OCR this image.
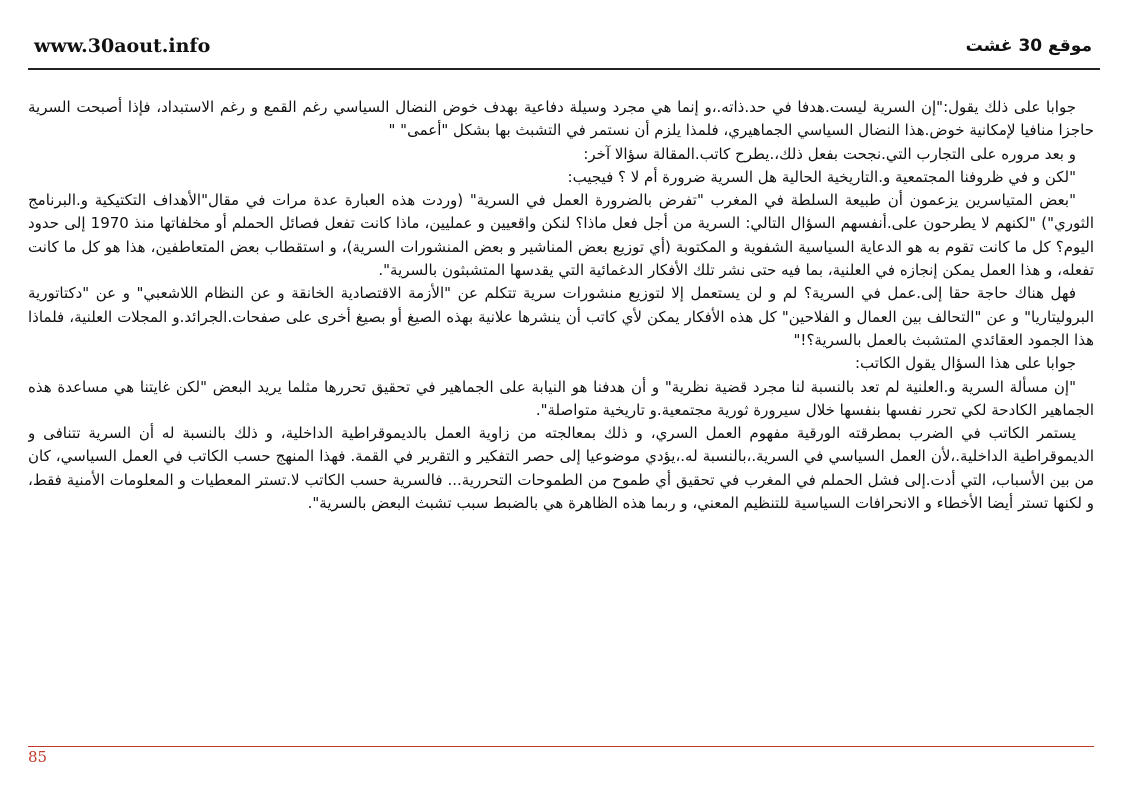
www.30aout.info	موقع 30 غشت

جوابا على ذلك يقول:"إن السرية ليست.هدفا في حد.ذاته.،و إنما هي مجرد وسيلة دفاعية بهدف خوض النضال السياسي رغم القمع و رغم الاستبداد، فإذا أصبحت السرية حاجزا منافيا لإمكانية خوض.هذا النضال السياسي الجماهيري، فلمذا يلزم أن نستمر في التشبث بها بشكل "أعمى" "

و بعد مروره على التجارب التي.نجحت بفعل ذلك،.يطرح كاتب.المقالة سؤالا آخر:

"لكن و في ظروفنا المجتمعية و.التاريخية الحالية هل السرية ضرورة أم لا ؟ فيجيب:

"بعض المتياسرين يزعمون أن طبيعة السلطة في المغرب "تفرض بالضرورة العمل في السرية" (وردت هذه العبارة عدة مرات في مقال"الأهداف التكتيكية و.البرنامج الثوري") "لكنهم لا يطرحون على.أنفسهم السؤال التالي: السرية من أجل فعل ماذا؟ لنكن واقعيين و عمليين، ماذا كانت تفعل فصائل الحملم أو مخلفاتها منذ 1970 إلى حدود اليوم؟ كل ما كانت تقوم به هو الدعاية السياسية الشفوية و المكتوبة (أي توزيع بعض المناشير و بعض المنشورات السرية)، و استقطاب بعض المتعاطفين، هذا هو كل ما كانت تفعله، و هذا العمل يمكن إنجازه في العلنية، بما فيه حتى نشر تلك الأفكار الدغمائية التي يقدسها المتشبثون بالسرية".

فهل هناك حاجة حقا إلى.عمل في السرية؟ لم و لن يستعمل إلا لتوزيع منشورات سرية تتكلم عن "الأزمة الاقتصادية الخانقة و عن النظام اللاشعبي" و عن "دكتاتورية البروليتاريا" و عن "التحالف بين العمال و الفلاحين" كل هذه الأفكار يمكن لأي كاتب أن ينشرها علانية بهذه الصيغ أو بصيغ أخرى على صفحات.الجرائد.و المجلات العلنية، فلماذا هذا الجمود العقائدي المتشبث بالعمل بالسرية؟!"

جوابا على هذا السؤال يقول الكاتب:

"إن مسألة السرية و.العلنية لم تعد بالنسبة لنا مجرد قضية نظرية" و أن هدفنا هو النيابة على الجماهير في تحقيق تحررها مثلما يريد البعض "لكن غايتنا هي مساعدة هذه الجماهير الكادحة لكي تحرر نفسها بنفسها خلال سيرورة ثورية مجتمعية.و تاريخية متواصلة".

يستمر الكاتب في الضرب بمطرقته الورقية مفهوم العمل السري، و ذلك بمعالجته من زاوية العمل بالديموقراطية الداخلية، و ذلك بالنسبة له أن السرية تتنافى و الديموقراطية الداخلية.،لأن العمل السياسي في السرية.،بالنسبة له.،يؤدي موضوعيا إلى حصر التفكير و التقرير في القمة. فهذا المنهج حسب الكاتب في العمل السياسي، كان من بين الأسباب، التي أدت.إلى فشل الحملم في المغرب في تحقيق أي طموح من الطموحات التحررية... فالسرية حسب الكاتب لا.تستر المعطيات و المعلومات الأمنية فقط، و لكنها تستر أيضا الأخطاء و الانحرافات السياسية للتنظيم المعني، و ربما هذه الظاهرة هي بالضبط سبب تشبث البعض بالسرية".

85
